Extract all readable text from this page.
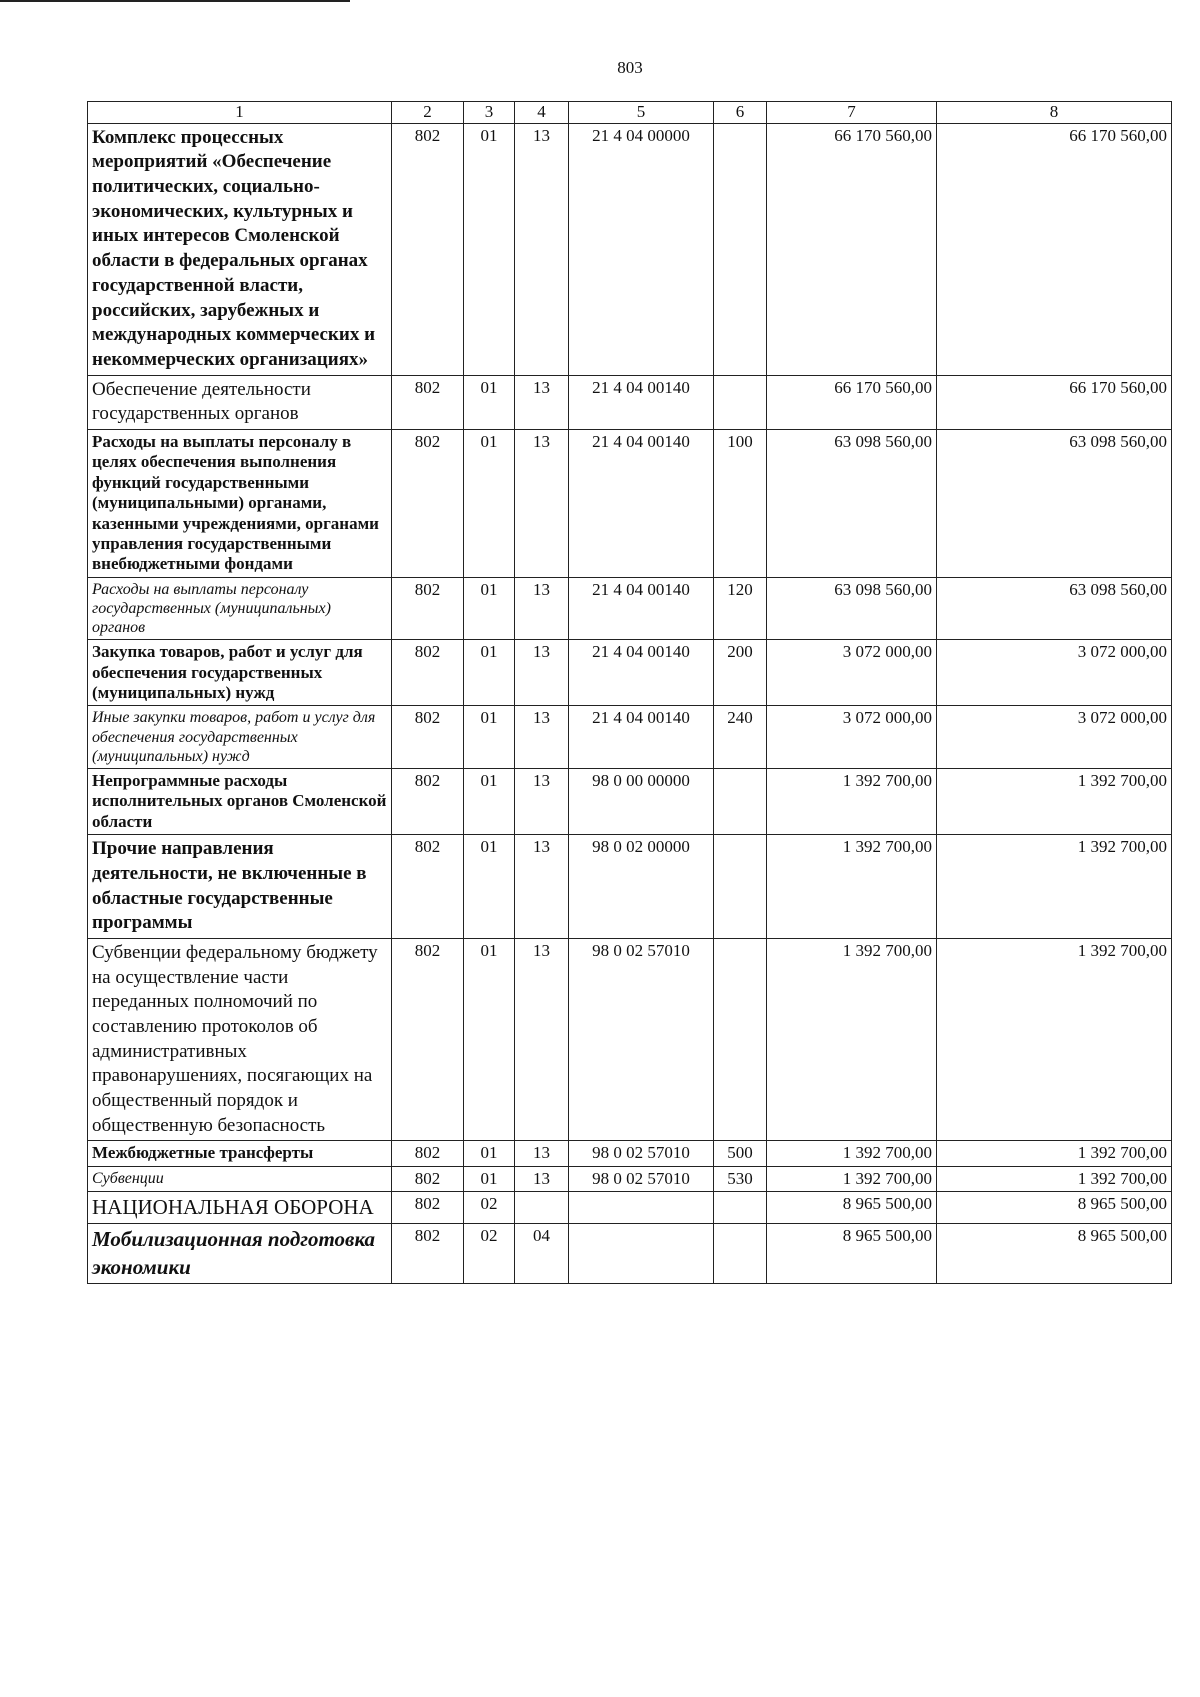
803
1	2	3	4	5	6	7	8
Комплекс процессных мероприятий «Обеспечение политических, социально-экономических, культурных и иных интересов Смоленской области в федеральных органах государственной власти, российских, зарубежных и международных коммерческих и некоммерческих организациях»	802	01	13	21 4 04 00000		66 170 560,00	66 170 560,00
Обеспечение деятельности государственных органов	802	01	13	21 4 04 00140		66 170 560,00	66 170 560,00
Расходы на выплаты персоналу в целях обеспечения выполнения функций государственными (муниципальными) органами, казенными учреждениями, органами управления государственными внебюджетными фондами	802	01	13	21 4 04 00140	100	63 098 560,00	63 098 560,00
Расходы на выплаты персоналу государственных (муниципальных) органов	802	01	13	21 4 04 00140	120	63 098 560,00	63 098 560,00
Закупка товаров, работ и услуг для обеспечения государственных (муниципальных) нужд	802	01	13	21 4 04 00140	200	3 072 000,00	3 072 000,00
Иные закупки товаров, работ и услуг для обеспечения государственных (муниципальных) нужд	802	01	13	21 4 04 00140	240	3 072 000,00	3 072 000,00
Непрограммные расходы исполнительных органов Смоленской области	802	01	13	98 0 00 00000		1 392 700,00	1 392 700,00
Прочие направления деятельности, не включенные в областные государственные программы	802	01	13	98 0 02 00000		1 392 700,00	1 392 700,00
Субвенции федеральному бюджету на осуществление части переданных полномочий по составлению протоколов об административных правонарушениях, посягающих на общественный порядок и общественную безопасность	802	01	13	98 0 02 57010		1 392 700,00	1 392 700,00
Межбюджетные трансферты	802	01	13	98 0 02 57010	500	1 392 700,00	1 392 700,00
Субвенции	802	01	13	98 0 02 57010	530	1 392 700,00	1 392 700,00
НАЦИОНАЛЬНАЯ ОБОРОНА	802	02				8 965 500,00	8 965 500,00
Мобилизационная подготовка экономики	802	02	04			8 965 500,00	8 965 500,00
